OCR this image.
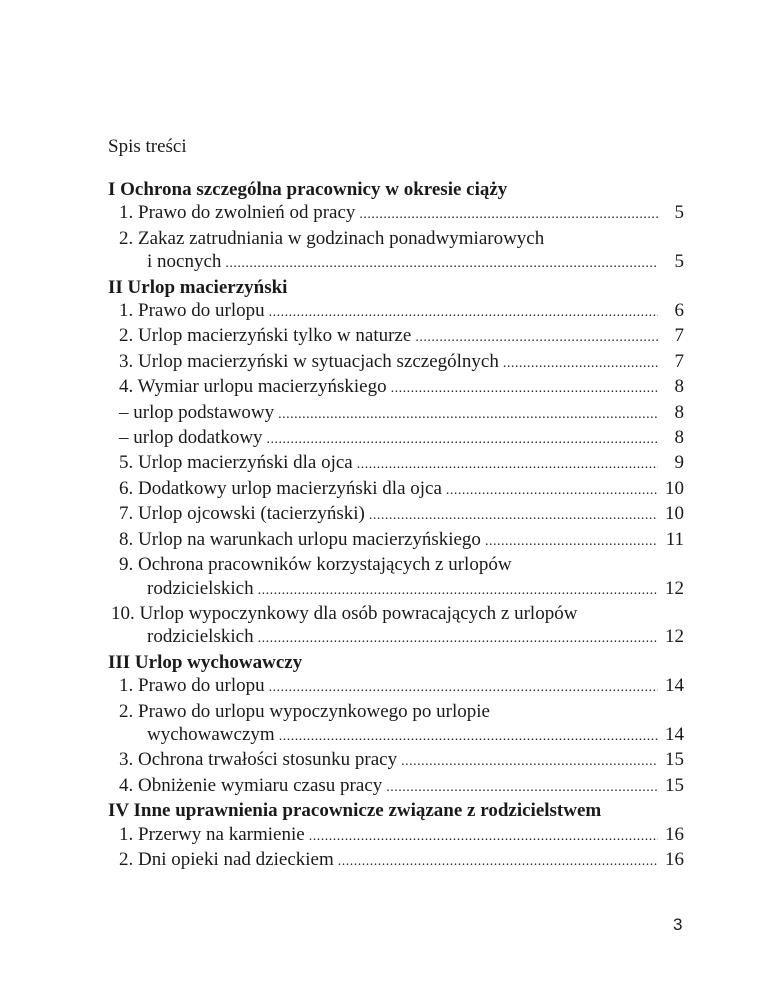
Spis treści
I Ochrona szczególna pracownicy w okresie ciąży
1. Prawo do zwolnień od pracy .....	5
2. Zakaz zatrudniania w godzinach ponadwymiarowych
i nocnych .....	5
II Urlop macierzyński
1. Prawo do urlopu .....	6
2. Urlop macierzyński tylko w naturze .....	7
3. Urlop macierzyński w sytuacjach szczególnych .....	7
4. Wymiar urlopu macierzyńskiego .....	8
– urlop podstawowy .....	8
– urlop dodatkowy .....	8
5. Urlop macierzyński dla ojca .....	9
6. Dodatkowy urlop macierzyński dla ojca .....	10
7. Urlop ojcowski (tacierzyński) .....	10
8. Urlop na warunkach urlopu macierzyńskiego .....	11
9. Ochrona pracowników korzystających z urlopów
rodzicielskich .....	12
10. Urlop wypoczynkowy dla osób powracających z urlopów
rodzicielskich .....	12
III Urlop wychowawczy
1. Prawo do urlopu .....	14
2. Prawo do urlopu wypoczynkowego po urlopie
wychowawczym .....	14
3. Ochrona trwałości stosunku pracy .....	15
4. Obniżenie wymiaru czasu pracy .....	15
IV Inne uprawnienia pracownicze związane z rodzicielstwem
1. Przerwy na karmienie .....	16
2. Dni opieki nad dzieckiem .....	16
3
